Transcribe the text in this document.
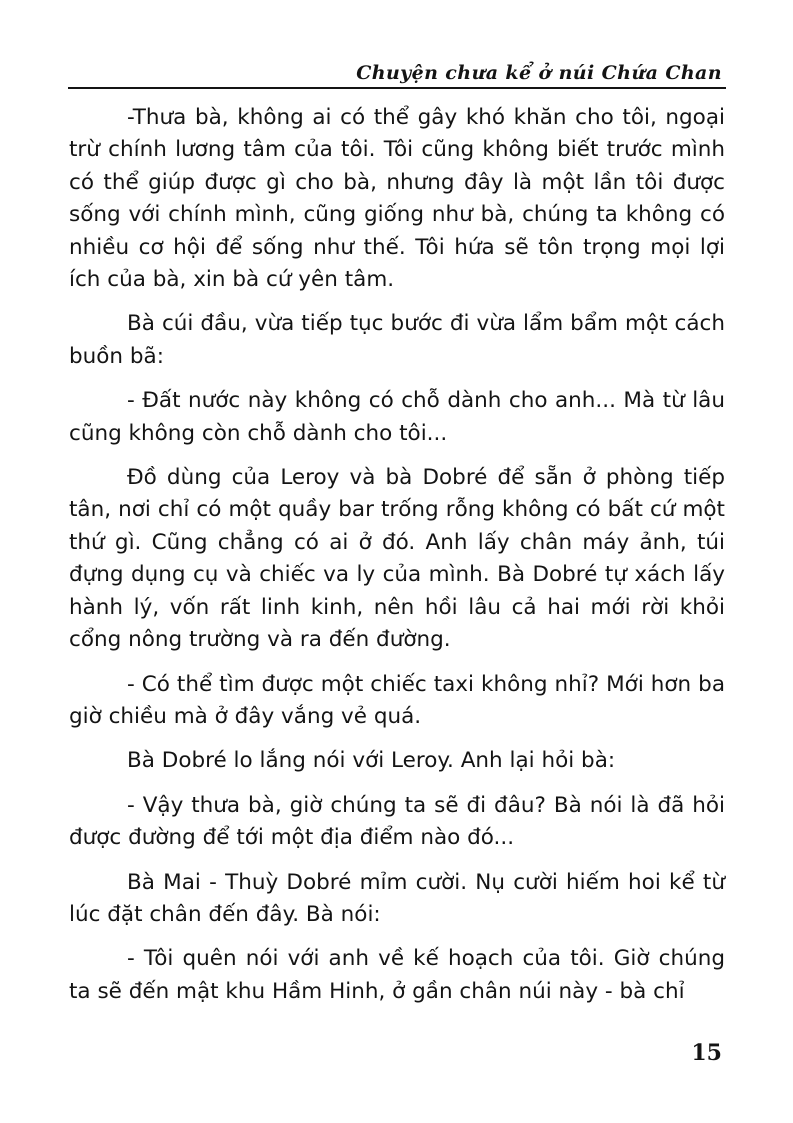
Chuyện chưa kể ở núi Chứa Chan

-Thưa bà, không ai có thể gây khó khăn cho tôi, ngoại trừ chính lương tâm của tôi. Tôi cũng không biết trước mình có thể giúp được gì cho bà, nhưng đây là một lần tôi được sống với chính mình, cũng giống như bà, chúng ta không có nhiều cơ hội để sống như thế. Tôi hứa sẽ tôn trọng mọi lợi ích của bà, xin bà cứ yên tâm.

Bà cúi đầu, vừa tiếp tục bước đi vừa lẩm bẩm một cách buồn bã:

- Đất nước này không có chỗ dành cho anh... Mà từ lâu cũng không còn chỗ dành cho tôi...

Đồ dùng của Leroy và bà Dobré để sẵn ở phòng tiếp tân, nơi chỉ có một quầy bar trống rỗng không có bất cứ một thứ gì. Cũng chẳng có ai ở đó. Anh lấy chân máy ảnh, túi đựng dụng cụ và chiếc va ly của mình. Bà Dobré tự xách lấy hành lý, vốn rất linh kinh, nên hồi lâu cả hai mới rời khỏi cổng nông trường và ra đến đường.

- Có thể tìm được một chiếc taxi không nhỉ? Mới hơn ba giờ chiều mà ở đây vắng vẻ quá.

Bà Dobré lo lắng nói với Leroy. Anh lại hỏi bà:

- Vậy thưa bà, giờ chúng ta sẽ đi đâu? Bà nói là đã hỏi được đường để tới một địa điểm nào đó...

Bà Mai - Thuỳ Dobré mỉm cười. Nụ cười hiếm hoi kể từ lúc đặt chân đến đây. Bà nói:

- Tôi quên nói với anh về kế hoạch của tôi. Giờ chúng ta sẽ đến mật khu Hầm Hinh, ở gần chân núi này - bà chỉ

15
